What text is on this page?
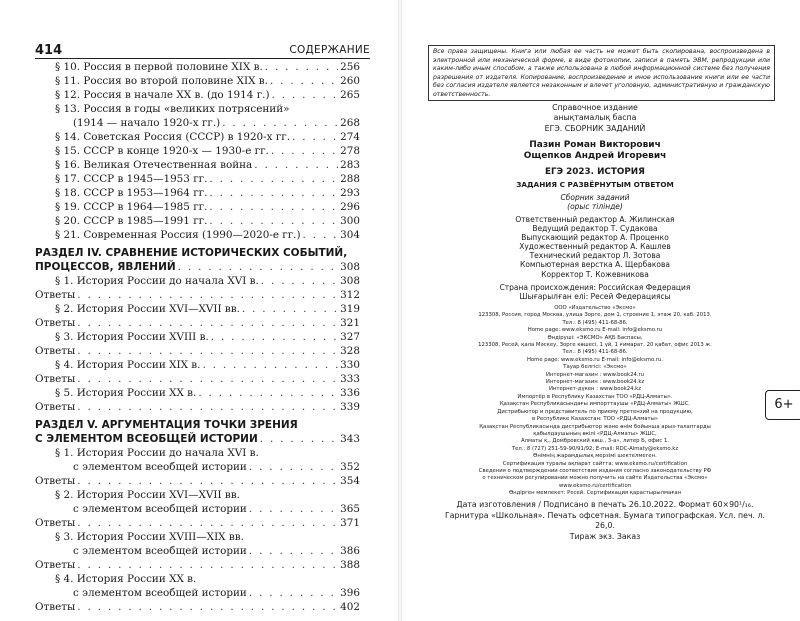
414	СОДЕРЖАНИЕ
§ 10. Россия в первой половине XIX в. . . .	256
§ 11. Россия во второй половине XIX в. . . .	260
§ 12. Россия в начале XX в. (до 1914 г.) . . .	265
§ 13. Россия в годы «великих потрясений»
(1914 — начало 1920-х гг.) . . .	268
§ 14. Советская Россия (СССР) в 1920-х гг. . . .	274
§ 15. СССР в конце 1920-х — 1930-е гг. . . .	278
§ 16. Великая Отечественная война . . .	283
§ 17. СССР в 1945—1953 гг. . . .	288
§ 18. СССР в 1953—1964 гг. . . .	293
§ 19. СССР в 1964—1985 гг. . . .	296
§ 20. СССР в 1985—1991 гг. . . .	300
§ 21. Современная Россия (1990—2020-е гг.) . . .	304
РАЗДЕЛ IV. СРАВНЕНИЕ ИСТОРИЧЕСКИХ СОБЫТИЙ,
ПРОЦЕССОВ, ЯВЛЕНИЙ . . .	308
§ 1. История России до начала XVI в. . . .	308
Ответы . . .	312
§ 2. История России XVI—XVII вв. . . .	319
Ответы . . .	321
§ 3. История России XVIII в. . . .	327
Ответы . . .	328
§ 4. История России XIX в. . . .	330
Ответы . . .	333
§ 5. История России XX в. . . .	336
Ответы . . .	339
РАЗДЕЛ V. АРГУМЕНТАЦИЯ ТОЧКИ ЗРЕНИЯ
С ЭЛЕМЕНТОМ ВСЕОБЩЕЙ ИСТОРИИ . . .	343
§ 1. История России до начала XVI в.
с элементом всеобщей истории . . .	352
Ответы . . .	354
§ 2. История России XVI—XVII вв.
с элементом всеобщей истории . . .	365
Ответы . . .	371
§ 3. История России XVIII—XIX вв.
с элементом всеобщей истории . . .	386
Ответы . . .	388
§ 4. История России XX в.
с элементом всеобщей истории . . .	396
Ответы . . .	402

Все права защищены. Книга или любая ее часть не может быть скопирована, воспроизведена в электронной или механической форме, в виде фотокопии, записи в память ЭВМ, репродукции или каким-либо иным способом, а также использована в любой информационной системе без получения разрешения от издателя. Копирование, воспроизведение и иное использование книги или ее части без согласия издателя является незаконным и влечет уголовную, административную и гражданскую ответственность.

Справочное издание
анықтамалық баспа
ЕГЭ. СБОРНИК ЗАДАНИЙ
Пазин Роман Викторович
Ощепков Андрей Игоревич
ЕГЭ 2023. ИСТОРИЯ
ЗАДАНИЯ С РАЗВЁРНУТЫМ ОТВЕТОМ
Сборник заданий
(орыс тілінде)
Ответственный редактор А. Жилинская
Ведущий редактор Т. Судакова
Выпускающий редактор А. Проценко
Художественный редактор А. Кашлев
Технический редактор Л. Зотова
Компьютерная верстка А. Щербакова
Корректор Т. Кожевникова
Страна происхождения: Российская Федерация
Шығарылған елі: Ресей Федерациясы
ООО «Издательство «Эксмо»
123308, Россия, город Москва, улица Зорге, дом 1, строение 1, этаж 20, каб. 2013.
Тел.: 8 (495) 411-68-86.
Home page: www.eksmo.ru E-mail: info@eksmo.ru
Өндіруші: «ЭКСМО» АҚБ Баспасы,
123308, Ресей, қала Мәскеу, Зорге көшесі, 1 үй, 1 ғимарат, 20 қабат, офис 2013 ж.
Тел.: 8 (495) 411-68-86.
Home page: www.eksmo.ru E-mail: info@eksmo.ru.
Тауар белгісі: «Эксмо»
Интернет-магазин : www.book24.ru
Интернет-магазин : www.book24.kz
Интернет-дүкен : www.book24.kz
Импортёр в Республику Казахстан ТОО «РДЦ-Алматы».
Қазақстан Республикасындағы импорттаушы «РДЦ-Алматы» ЖШС.
Дистрибьютор и представитель по приему претензий на продукцию,
в Республике Казахстан: ТОО «РДЦ-Алматы»
Қазақстан Республикасында дистрибьютор және өнім бойынша арыз-талаптарды
қабылдаушының өкілі «РДЦ-Алматы» ЖШС,
Алматы қ., Домбровский көш., 3-а», литер Б, офис 1.
Тел.: 8 (727) 251-59-90/91/92; E-mail: RDC-Almaty@eksmo.kz
Өнімнің жарамдылық мерзімі шектелмеген.
Сертификация туралы ақпарат сайтта: www.eksmo.ru/certification
Сведения о подтверждении соответствия издания согласно законодательству РФ
о техническом регулировании можно получить на сайте Издательства «Эксмо»
www.eksmo.ru/certification
Өндірген мемлекет: Ресей. Сертификация қарастырылмаған
6+
Дата изготовления / Подписано в печать 26.10.2022. Формат 60×90¹/₁₆.
Гарнитура «Школьная». Печать офсетная. Бумага типографская. Усл. печ. л. 26,0.
Тираж экз. Заказ
